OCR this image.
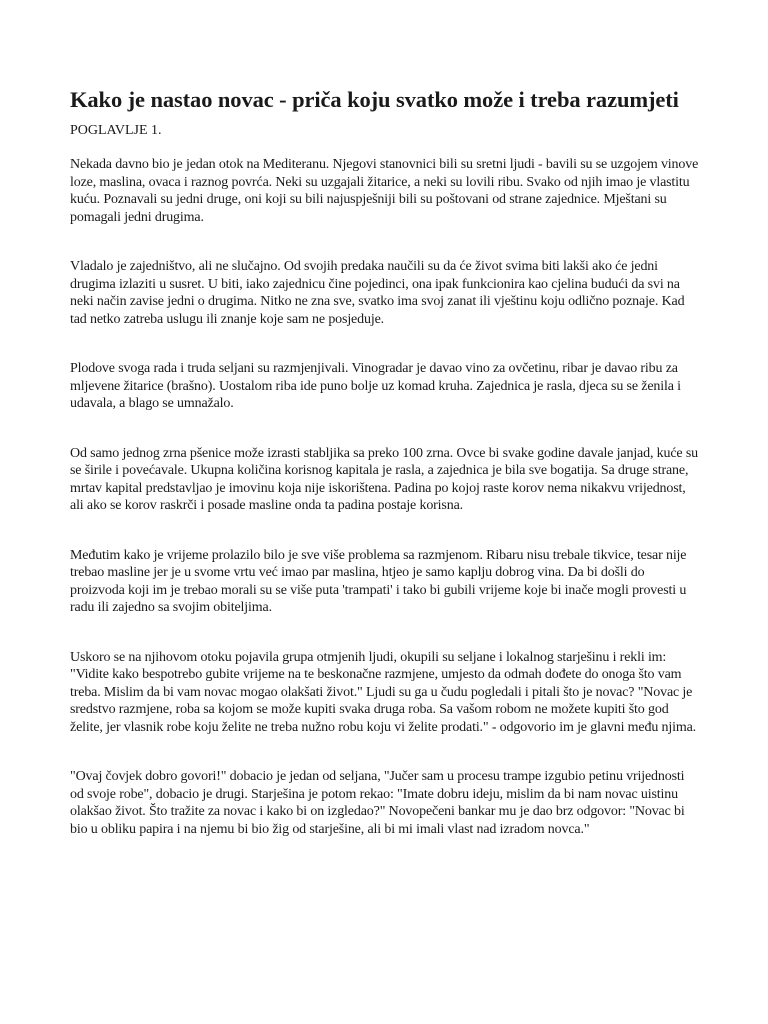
Kako je nastao novac - priča koju svatko može i treba razumjeti
POGLAVLJE 1.

Nekada davno bio je jedan otok na Mediteranu. Njegovi stanovnici bili su sretni ljudi - bavili su se uzgojem vinove loze, maslina, ovaca i raznog povrća. Neki su uzgajali žitarice, a neki su lovili ribu. Svako od njih imao je vlastitu kuću. Poznavali su jedni druge, oni koji su bili najuspješniji bili su poštovani od strane zajednice. Mještani su pomagali jedni drugima.

Vladalo je zajedništvo, ali ne slučajno. Od svojih predaka naučili su da će život svima biti lakši ako će jedni drugima izlaziti u susret. U biti, iako zajednicu čine pojedinci, ona ipak funkcionira kao cjelina budući da svi na neki način zavise jedni o drugima. Nitko ne zna sve, svatko ima svoj zanat ili vještinu koju odlično poznaje. Kad tad netko zatreba uslugu ili znanje koje sam ne posjeduje.

Plodove svoga rada i truda seljani su razmjenjivali. Vinogradar je davao vino za ovčetinu, ribar je davao ribu za mljevene žitarice (brašno). Uostalom riba ide puno bolje uz komad kruha. Zajednica je rasla, djeca su se ženila i udavala, a blago se umnažalo.

Od samo jednog zrna pšenice može izrasti stabljika sa preko 100 zrna. Ovce bi svake godine davale janjad, kuće su se širile i povećavale. Ukupna količina korisnog kapitala je rasla, a zajednica je bila sve bogatija. Sa druge strane, mrtav kapital predstavljao je imovinu koja nije iskorištena. Padina po kojoj raste korov nema nikakvu vrijednost, ali ako se korov raskrči i posade masline onda ta padina postaje korisna.

Međutim kako je vrijeme prolazilo bilo je sve više problema sa razmjenom. Ribaru nisu trebale tikvice, tesar nije trebao masline jer je u svome vrtu već imao par maslina, htjeo je samo kaplju dobrog vina. Da bi došli do proizvoda koji im je trebao morali su se više puta 'trampati' i tako bi gubili vrijeme koje bi inače mogli provesti u radu ili zajedno sa svojim obiteljima.

Uskoro se na njihovom otoku pojavila grupa otmjenih ljudi, okupili su seljane i lokalnog starješinu i rekli im: "Vidite kako bespotrebo gubite vrijeme na te beskonačne razmjene, umjesto da odmah dođete do onoga što vam treba. Mislim da bi vam novac mogao olakšati život." Ljudi su ga u čudu pogledali i pitali što je novac? "Novac je sredstvo razmjene, roba sa kojom se može kupiti svaka druga roba. Sa vašom robom ne možete kupiti što god želite, jer vlasnik robe koju želite ne treba nužno robu koju vi želite prodati." - odgovorio im je glavni među njima.

"Ovaj čovjek dobro govori!" dobacio je jedan od seljana, "Jučer sam u procesu trampe izgubio petinu vrijednosti od svoje robe", dobacio je drugi. Starješina je potom rekao: "Imate dobru ideju, mislim da bi nam novac uistinu olakšao život. Što tražite za novac i kako bi on izgledao?" Novopečeni bankar mu je dao brz odgovor: "Novac bi bio u obliku papira i na njemu bi bio žig od starješine, ali bi mi imali vlast nad izradom novca."
